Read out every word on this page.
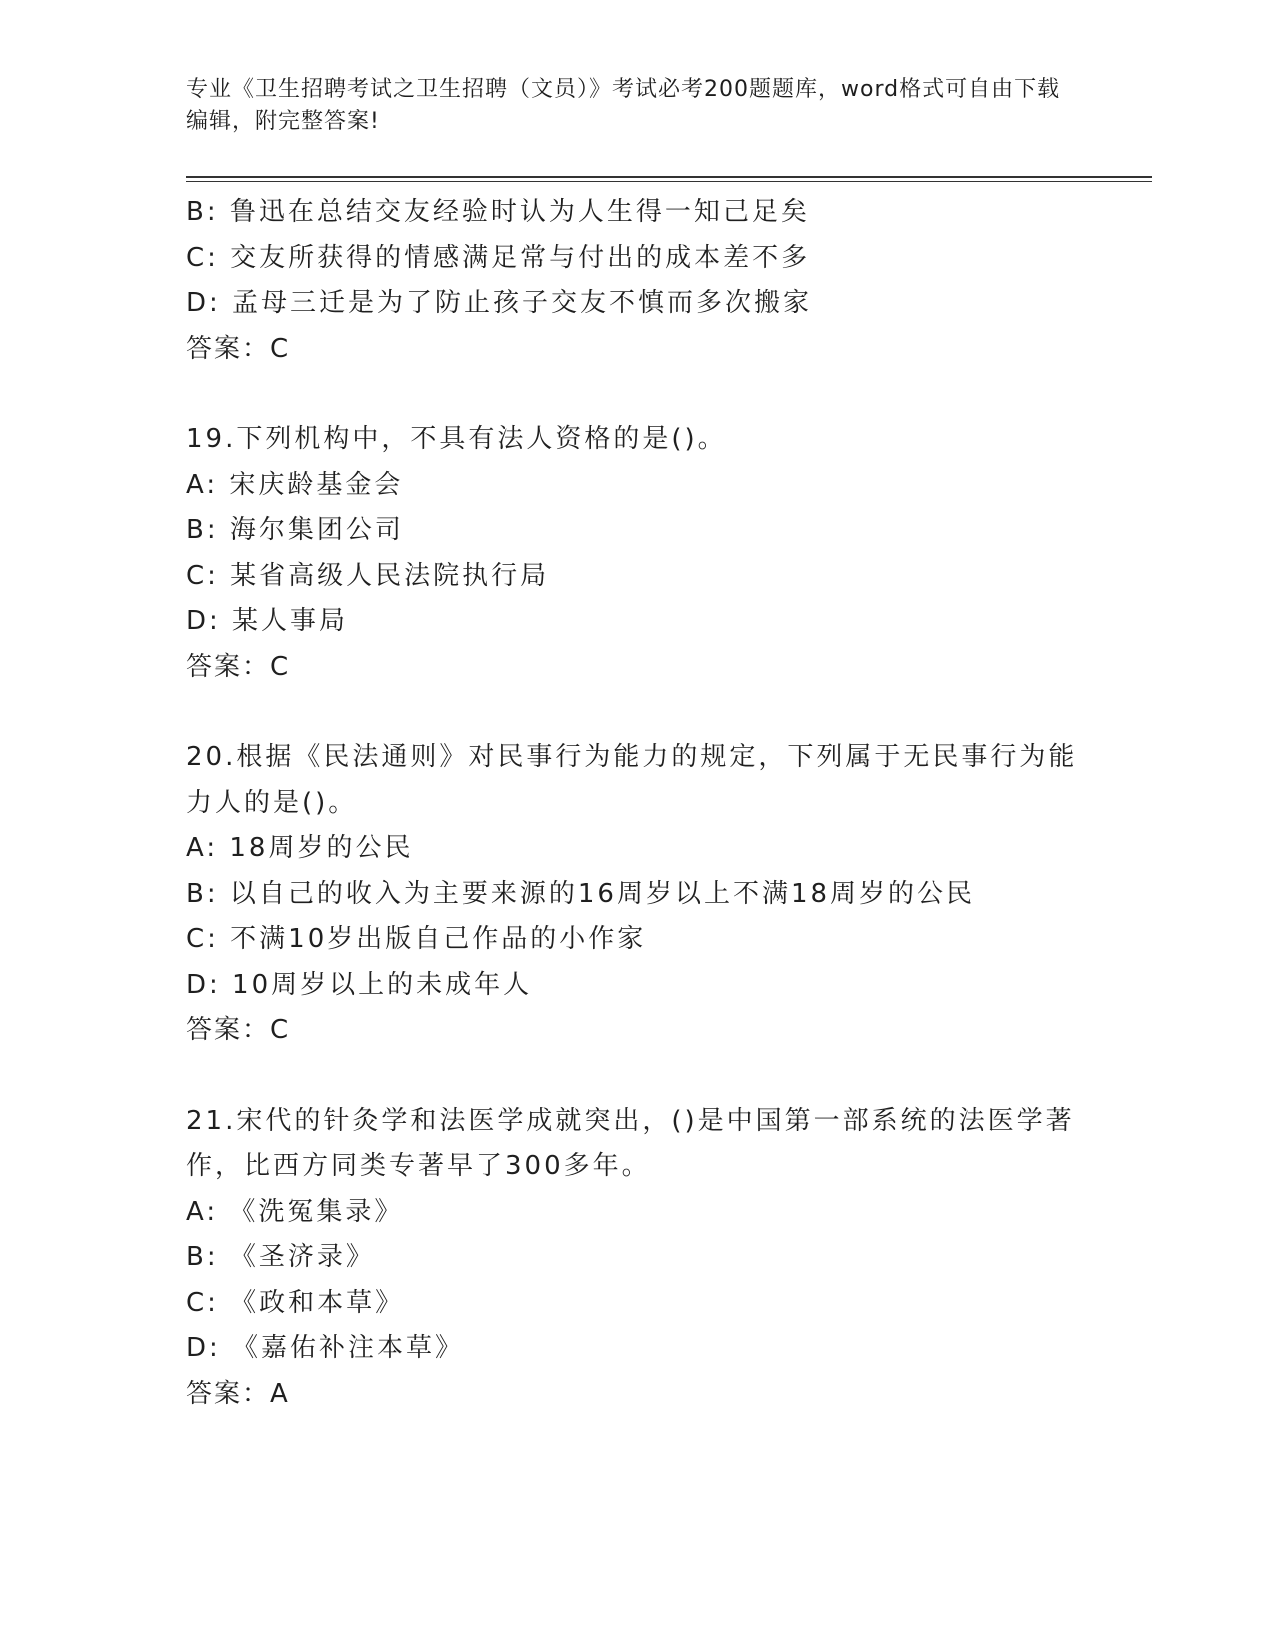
专业《卫生招聘考试之卫生招聘（文员）》考试必考200题题库，word格式可自由下载编辑，附完整答案!
B: 鲁迅在总结交友经验时认为人生得一知己足矣
C: 交友所获得的情感满足常与付出的成本差不多
D: 孟母三迁是为了防止孩子交友不慎而多次搬家
答案：C
19.下列机构中，不具有法人资格的是()。
A: 宋庆龄基金会
B: 海尔集团公司
C: 某省高级人民法院执行局
D: 某人事局
答案：C
20.根据《民法通则》对民事行为能力的规定，下列属于无民事行为能
力人的是()。
A: 18周岁的公民
B: 以自己的收入为主要来源的16周岁以上不满18周岁的公民
C: 不满10岁出版自己作品的小作家
D: 10周岁以上的未成年人
答案：C
21.宋代的针灸学和法医学成就突出，()是中国第一部系统的法医学著
作，比西方同类专著早了300多年。
A: 《洗冤集录》
B: 《圣济录》
C: 《政和本草》
D: 《嘉佑补注本草》
答案：A
